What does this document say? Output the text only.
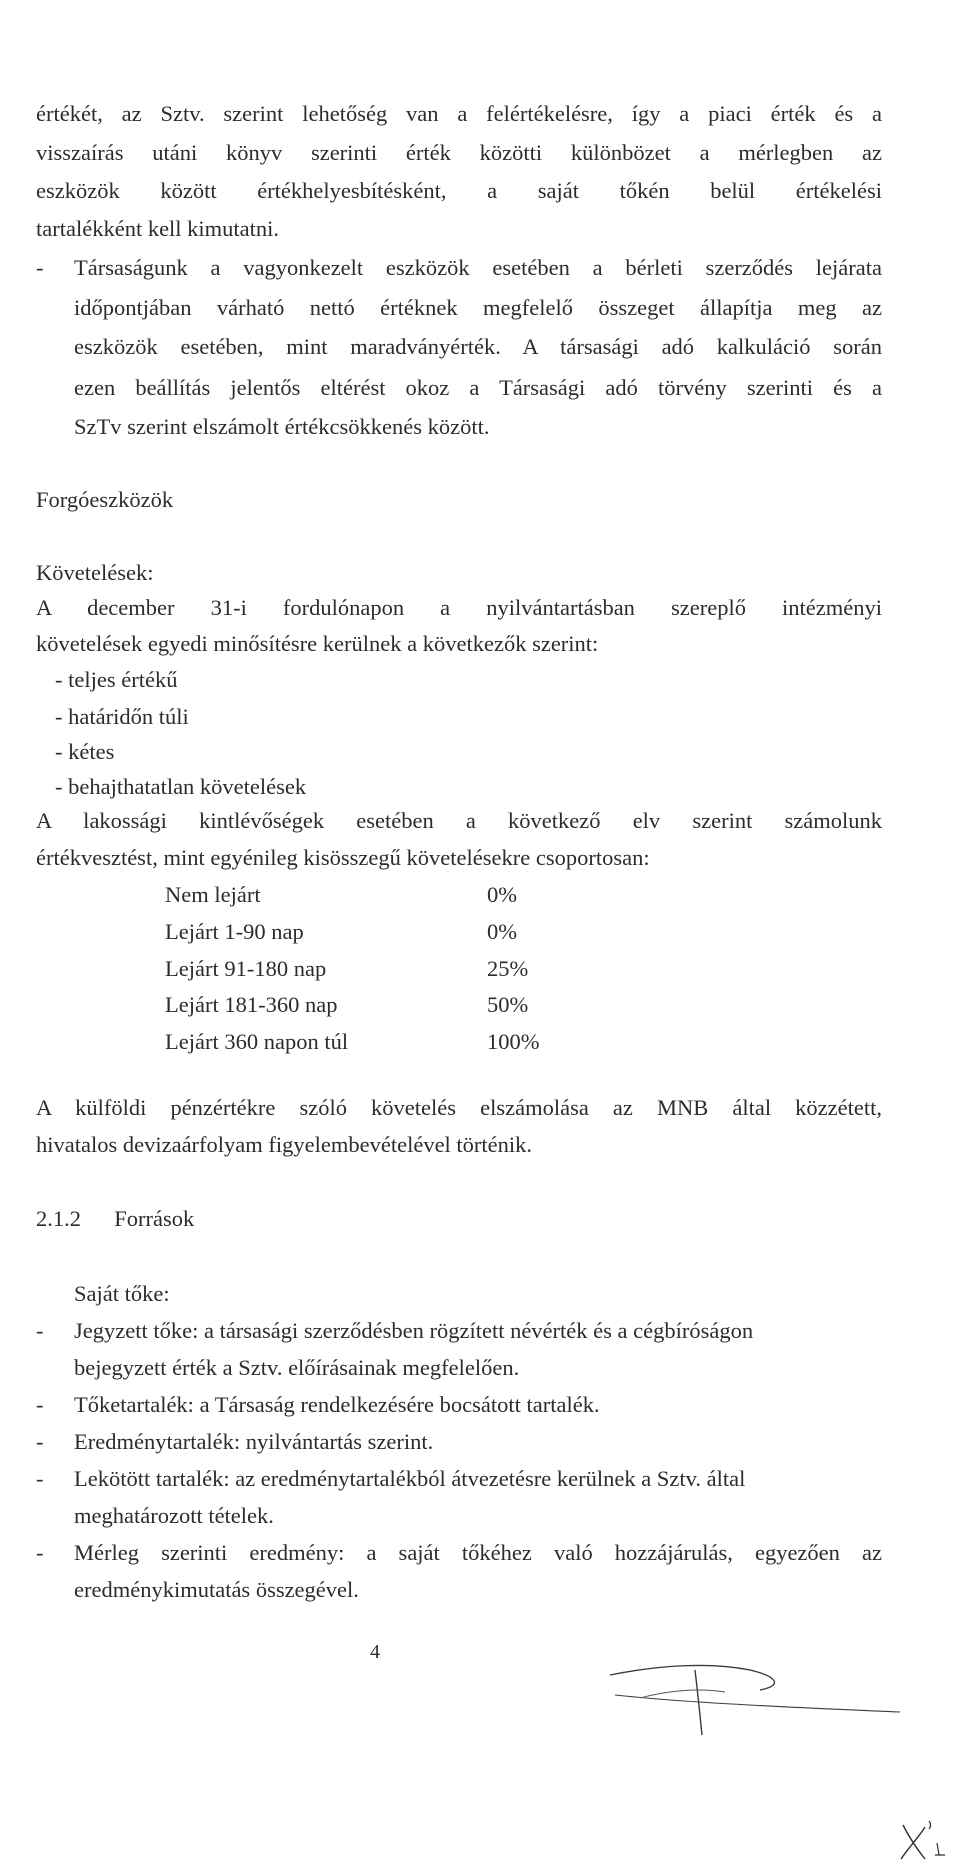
értékét, az Sztv. szerint lehetőség van a felértékelésre, így a piaci érték és a
visszaírás utáni könyv szerinti érték közötti különbözet a mérlegben az
eszközök között értékhelyesbítésként, a saját tőkén belül értékelési
tartalékként kell kimutatni.
- Társaságunk a vagyonkezelt eszközök esetében a bérleti szerződés lejárata
időpontjában várható nettó értéknek megfelelő összeget állapítja meg az
eszközök esetében, mint maradványérték. A társasági adó kalkuláció során
ezen beállítás jelentős eltérést okoz a Társasági adó törvény szerinti és a
SzTv szerint elszámolt értékcsökkenés között.
Forgóeszközök
Követelések:
A december 31-i fordulónapon a nyilvántartásban szereplő intézményi
követelések egyedi minősítésre kerülnek a következők szerint:
- teljes értékű
- határidőn túli
- kétes
- behajthatatlan követelések
A lakossági kintlévőségek esetében a következő elv szerint számolunk
értékvesztést, mint egyénileg kisösszegű követelésekre csoportosan:
Nem lejárt	0%
Lejárt 1-90 nap	0%
Lejárt 91-180 nap	25%
Lejárt 181-360 nap	50%
Lejárt 360 napon túl	100%
A külföldi pénzértékre szóló követelés elszámolása az MNB által közzétett,
hivatalos devizaárfolyam figyelembevételével történik.
2.1.2 Források
Saját tőke:
- Jegyzett tőke: a társasági szerződésben rögzített névérték és a cégbíróságon
bejegyzett érték a Sztv. előírásainak megfelelően.
- Tőketartalék: a Társaság rendelkezésére bocsátott tartalék.
- Eredménytartalék: nyilvántartás szerint.
- Lekötött tartalék: az eredménytartalékból átvezetésre kerülnek a Sztv. által
meghatározott tételek.
- Mérleg szerinti eredmény: a saját tőkéhez való hozzájárulás, egyezően az
eredménykimutatás összegével.
4
